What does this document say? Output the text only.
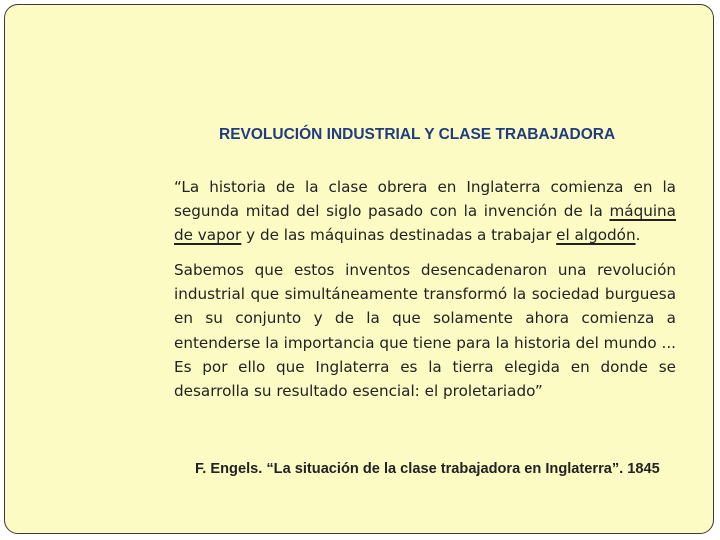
REVOLUCIÓN INDUSTRIAL Y CLASE TRABAJADORA

“La historia de la clase obrera en Inglaterra comienza en la segunda mitad del siglo pasado con la invención de la máquina de vapor y de las máquinas destinadas a trabajar el algodón.

Sabemos que estos inventos desencadenaron una revolución industrial que simultáneamente transformó la sociedad burguesa en su conjunto y de la que solamente ahora comienza a entenderse la importancia que tiene para la historia del mundo ... Es por ello que Inglaterra es la tierra elegida en donde se desarrolla su resultado esencial: el proletariado”

F. Engels. “La situación de la clase trabajadora en Inglaterra”. 1845
